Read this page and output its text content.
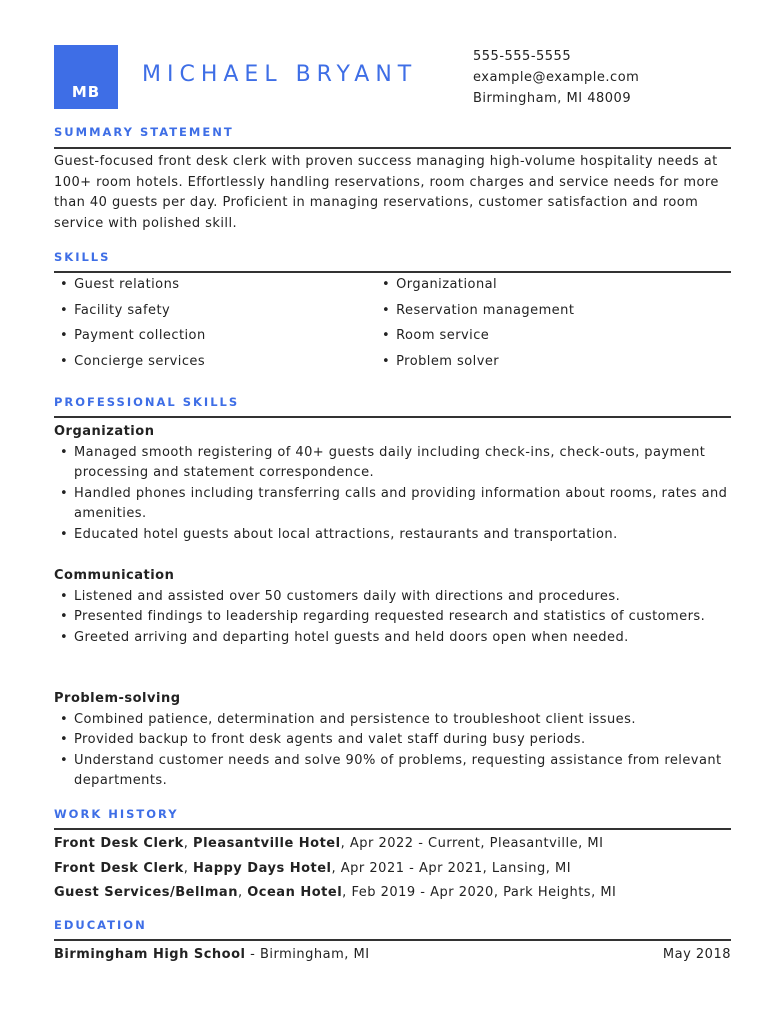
MB
MICHAEL BRYANT
555-555-5555
example@example.com
Birmingham, MI 48009
SUMMARY STATEMENT
Guest-focused front desk clerk with proven success managing high-volume hospitality needs at 100+ room hotels. Effortlessly handling reservations, room charges and service needs for more than 40 guests per day. Proficient in managing reservations, customer satisfaction and room service with polished skill.
SKILLS
• Guest relations
• Facility safety
• Payment collection
• Concierge services
• Organizational
• Reservation management
• Room service
• Problem solver
PROFESSIONAL SKILLS
Organization
• Managed smooth registering of 40+ guests daily including check-ins, check-outs, payment processing and statement correspondence.
• Handled phones including transferring calls and providing information about rooms, rates and amenities.
• Educated hotel guests about local attractions, restaurants and transportation.
Communication
• Listened and assisted over 50 customers daily with directions and procedures.
• Presented findings to leadership regarding requested research and statistics of customers.
• Greeted arriving and departing hotel guests and held doors open when needed.
Problem-solving
• Combined patience, determination and persistence to troubleshoot client issues.
• Provided backup to front desk agents and valet staff during busy periods.
• Understand customer needs and solve 90% of problems, requesting assistance from relevant departments.
WORK HISTORY
Front Desk Clerk, Pleasantville Hotel, Apr 2022 - Current, Pleasantville, MI
Front Desk Clerk, Happy Days Hotel, Apr 2021 - Apr 2021, Lansing, MI
Guest Services/Bellman, Ocean Hotel, Feb 2019 - Apr 2020, Park Heights, MI
EDUCATION
Birmingham High School - Birmingham, MI	May 2018
